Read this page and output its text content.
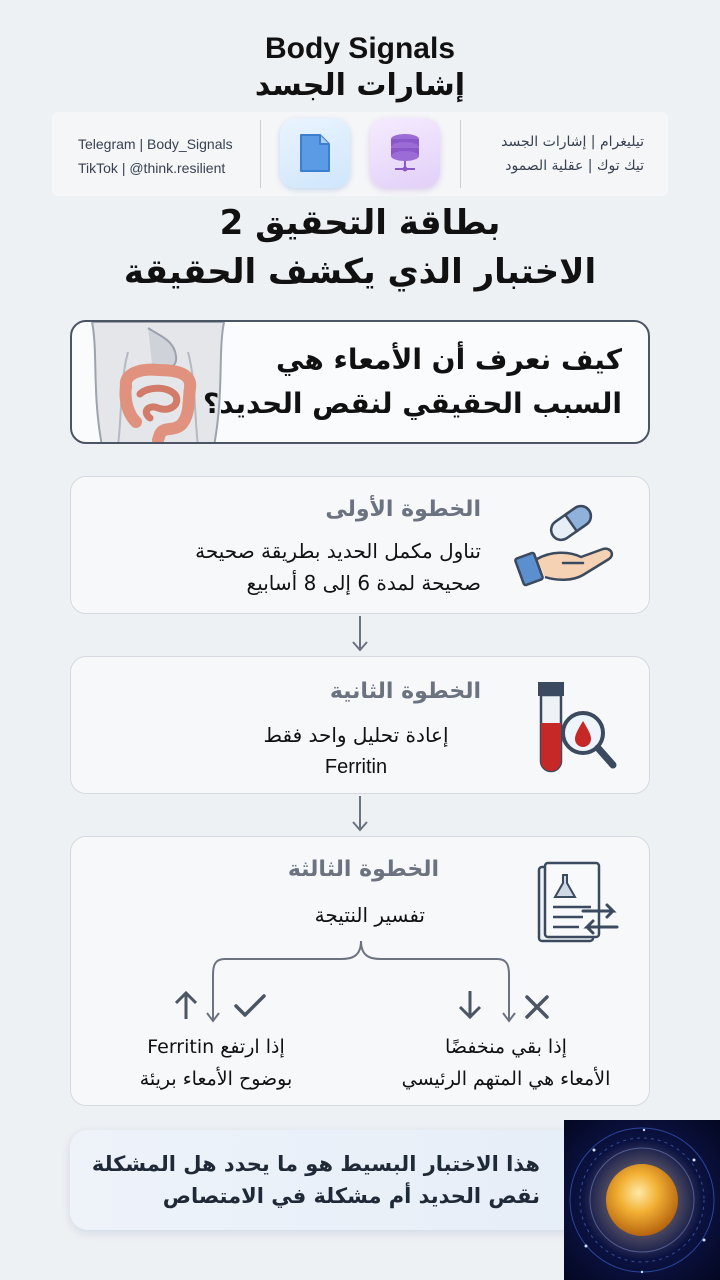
Body Signals
إشارات الجسد
Telegram | Body_Signals
TikTok | @think.resilient
تيليغرام | إشارات الجسد
تيك توك | عقلية الصمود
بطاقة التحقيق 2
الاختبار الذي يكشف الحقيقة
كيف نعرف أن الأمعاء هي
السبب الحقيقي لنقص الحديد؟
الخطوة الأولى
تناول مكمل الحديد بطريقة صحيحة
صحيحة لمدة 6 إلى 8 أسابيع
الخطوة الثانية
إعادة تحليل واحد فقط
Ferritin
الخطوة الثالثة
تفسير النتيجة
إذا ارتفع Ferritin
بوضوح الأمعاء بريئة
إذا بقي منخفضًا
الأمعاء هي المتهم الرئيسي
هذا الاختبار البسيط هو ما يحدد هل المشكلة
نقص الحديد أم مشكلة في الامتصاص
